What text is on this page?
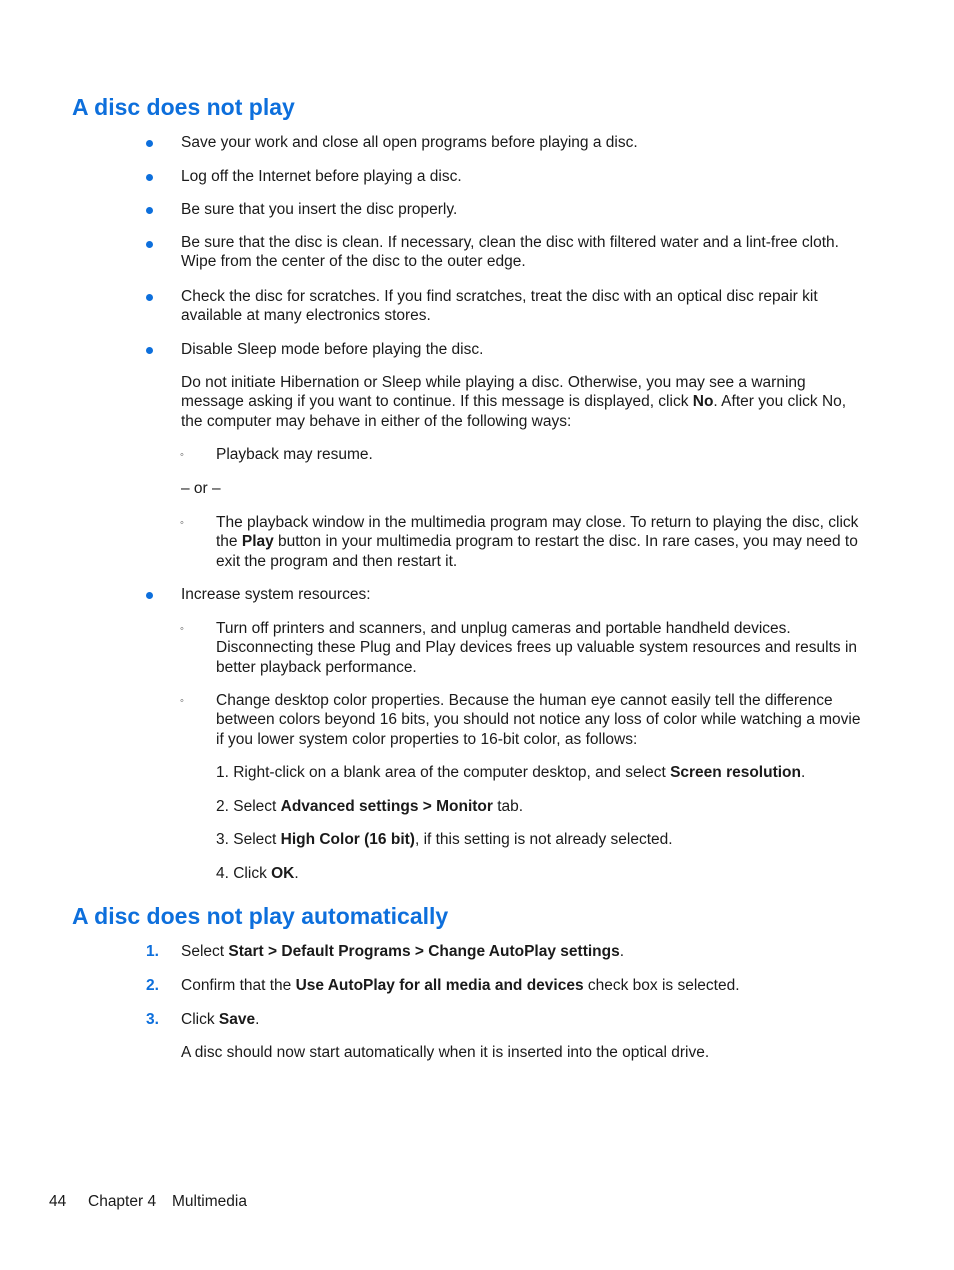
A disc does not play
Save your work and close all open programs before playing a disc.
Log off the Internet before playing a disc.
Be sure that you insert the disc properly.
Be sure that the disc is clean. If necessary, clean the disc with filtered water and a lint-free cloth. Wipe from the center of the disc to the outer edge.
Check the disc for scratches. If you find scratches, treat the disc with an optical disc repair kit available at many electronics stores.
Disable Sleep mode before playing the disc.
Do not initiate Hibernation or Sleep while playing a disc. Otherwise, you may see a warning message asking if you want to continue. If this message is displayed, click No. After you click No, the computer may behave in either of the following ways:
◦ Playback may resume.
– or –
◦ The playback window in the multimedia program may close. To return to playing the disc, click the Play button in your multimedia program to restart the disc. In rare cases, you may need to exit the program and then restart it.
Increase system resources:
◦ Turn off printers and scanners, and unplug cameras and portable handheld devices. Disconnecting these Plug and Play devices frees up valuable system resources and results in better playback performance.
◦ Change desktop color properties. Because the human eye cannot easily tell the difference between colors beyond 16 bits, you should not notice any loss of color while watching a movie if you lower system color properties to 16-bit color, as follows:
1. Right-click on a blank area of the computer desktop, and select Screen resolution.
2. Select Advanced settings > Monitor tab.
3. Select High Color (16 bit), if this setting is not already selected.
4. Click OK.
A disc does not play automatically
1. Select Start > Default Programs > Change AutoPlay settings.
2. Confirm that the Use AutoPlay for all media and devices check box is selected.
3. Click Save.
A disc should now start automatically when it is inserted into the optical drive.
44 Chapter 4 Multimedia
